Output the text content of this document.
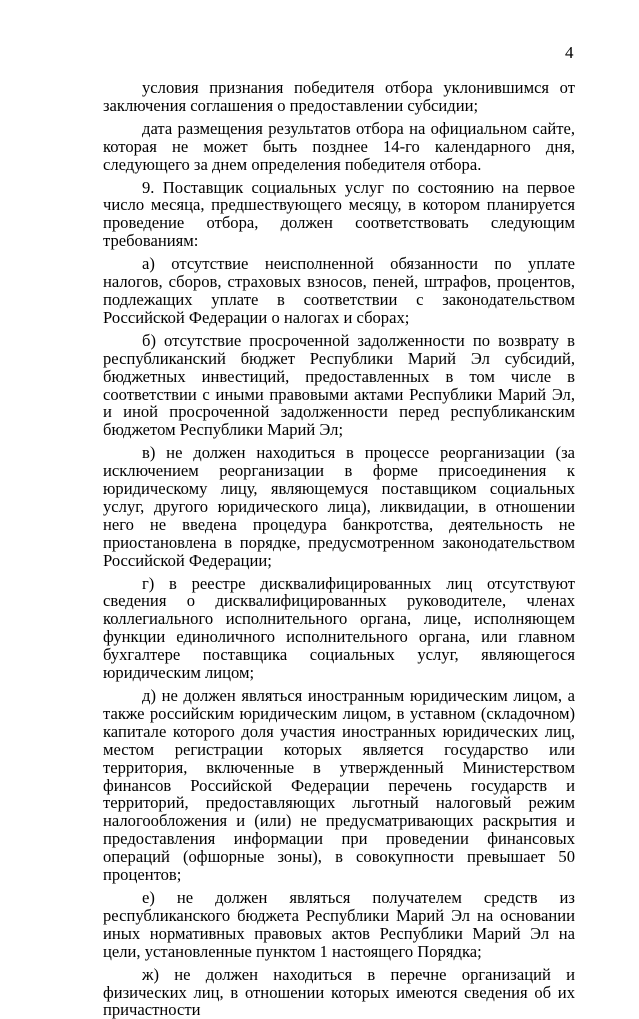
4

условия признания победителя отбора уклонившимся от заключения соглашения о предоставлении субсидии;

дата размещения результатов отбора на официальном сайте, которая не может быть позднее 14-го календарного дня, следующего за днем определения победителя отбора.

9. Поставщик социальных услуг по состоянию на первое число месяца, предшествующего месяцу, в котором планируется проведение отбора, должен соответствовать следующим требованиям:

а) отсутствие неисполненной обязанности по уплате налогов, сборов, страховых взносов, пеней, штрафов, процентов, подлежащих уплате в соответствии с законодательством Российской Федерации о налогах и сборах;

б) отсутствие просроченной задолженности по возврату в республиканский бюджет Республики Марий Эл субсидий, бюджетных инвестиций, предоставленных в том числе в соответствии с иными правовыми актами Республики Марий Эл, и иной просроченной задолженности перед республиканским бюджетом Республики Марий Эл;

в) не должен находиться в процессе реорганизации (за исключением реорганизации в форме присоединения к юридическому лицу, являющемуся поставщиком социальных услуг, другого юридического лица), ликвидации, в отношении него не введена процедура банкротства, деятельность не приостановлена в порядке, предусмотренном законодательством Российской Федерации;

г) в реестре дисквалифицированных лиц отсутствуют сведения о дисквалифицированных руководителе, членах коллегиального исполнительного органа, лице, исполняющем функции единоличного исполнительного органа, или главном бухгалтере поставщика социальных услуг, являющегося юридическим лицом;

д) не должен являться иностранным юридическим лицом, а также российским юридическим лицом, в уставном (складочном) капитале которого доля участия иностранных юридических лиц, местом регистрации которых является государство или территория, включенные в утвержденный Министерством финансов Российской Федерации перечень государств и территорий, предоставляющих льготный налоговый режим налогообложения и (или) не предусматривающих раскрытия и предоставления информации при проведении финансовых операций (офшорные зоны), в совокупности превышает 50 процентов;

е) не должен являться получателем средств из республиканского бюджета Республики Марий Эл на основании иных нормативных правовых актов Республики Марий Эл на цели, установленные пунктом 1 настоящего Порядка;

ж) не должен находиться в перечне организаций и физических лиц, в отношении которых имеются сведения об их причастности
